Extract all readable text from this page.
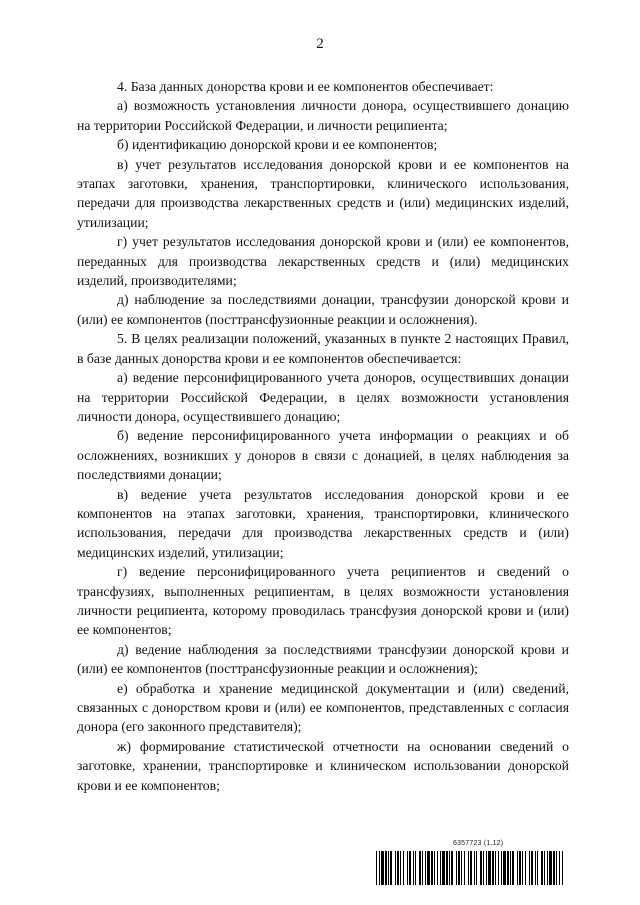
2

4. База данных донорства крови и ее компонентов обеспечивает:

а) возможность установления личности донора, осуществившего донацию на территории Российской Федерации, и личности реципиента;

б) идентификацию донорской крови и ее компонентов;

в) учет результатов исследования донорской крови и ее компонентов на этапах заготовки, хранения, транспортировки, клинического использования, передачи для производства лекарственных средств и (или) медицинских изделий, утилизации;

г) учет результатов исследования донорской крови и (или) ее компонентов, переданных для производства лекарственных средств и (или) медицинских изделий, производителями;

д) наблюдение за последствиями донации, трансфузии донорской крови и (или) ее компонентов (посттрансфузионные реакции и осложнения).

5. В целях реализации положений, указанных в пункте 2 настоящих Правил, в базе данных донорства крови и ее компонентов обеспечивается:

а) ведение персонифицированного учета доноров, осуществивших донации на территории Российской Федерации, в целях возможности установления личности донора, осуществившего донацию;

б) ведение персонифицированного учета информации о реакциях и об осложнениях, возникших у доноров в связи с донацией, в целях наблюдения за последствиями донации;

в) ведение учета результатов исследования донорской крови и ее компонентов на этапах заготовки, хранения, транспортировки, клинического использования, передачи для производства лекарственных средств и (или) медицинских изделий, утилизации;

г) ведение персонифицированного учета реципиентов и сведений о трансфузиях, выполненных реципиентам, в целях возможности установления личности реципиента, которому проводилась трансфузия донорской крови и (или) ее компонентов;

д) ведение наблюдения за последствиями трансфузии донорской крови и (или) ее компонентов (посттрансфузионные реакции и осложнения);

е) обработка и хранение медицинской документации и (или) сведений, связанных с донорством крови и (или) ее компонентов, представленных с согласия донора (его законного представителя);

ж) формирование статистической отчетности на основании сведений о заготовке, хранении, транспортировке и клиническом использовании донорской крови и ее компонентов;

6357723 (1.12)
